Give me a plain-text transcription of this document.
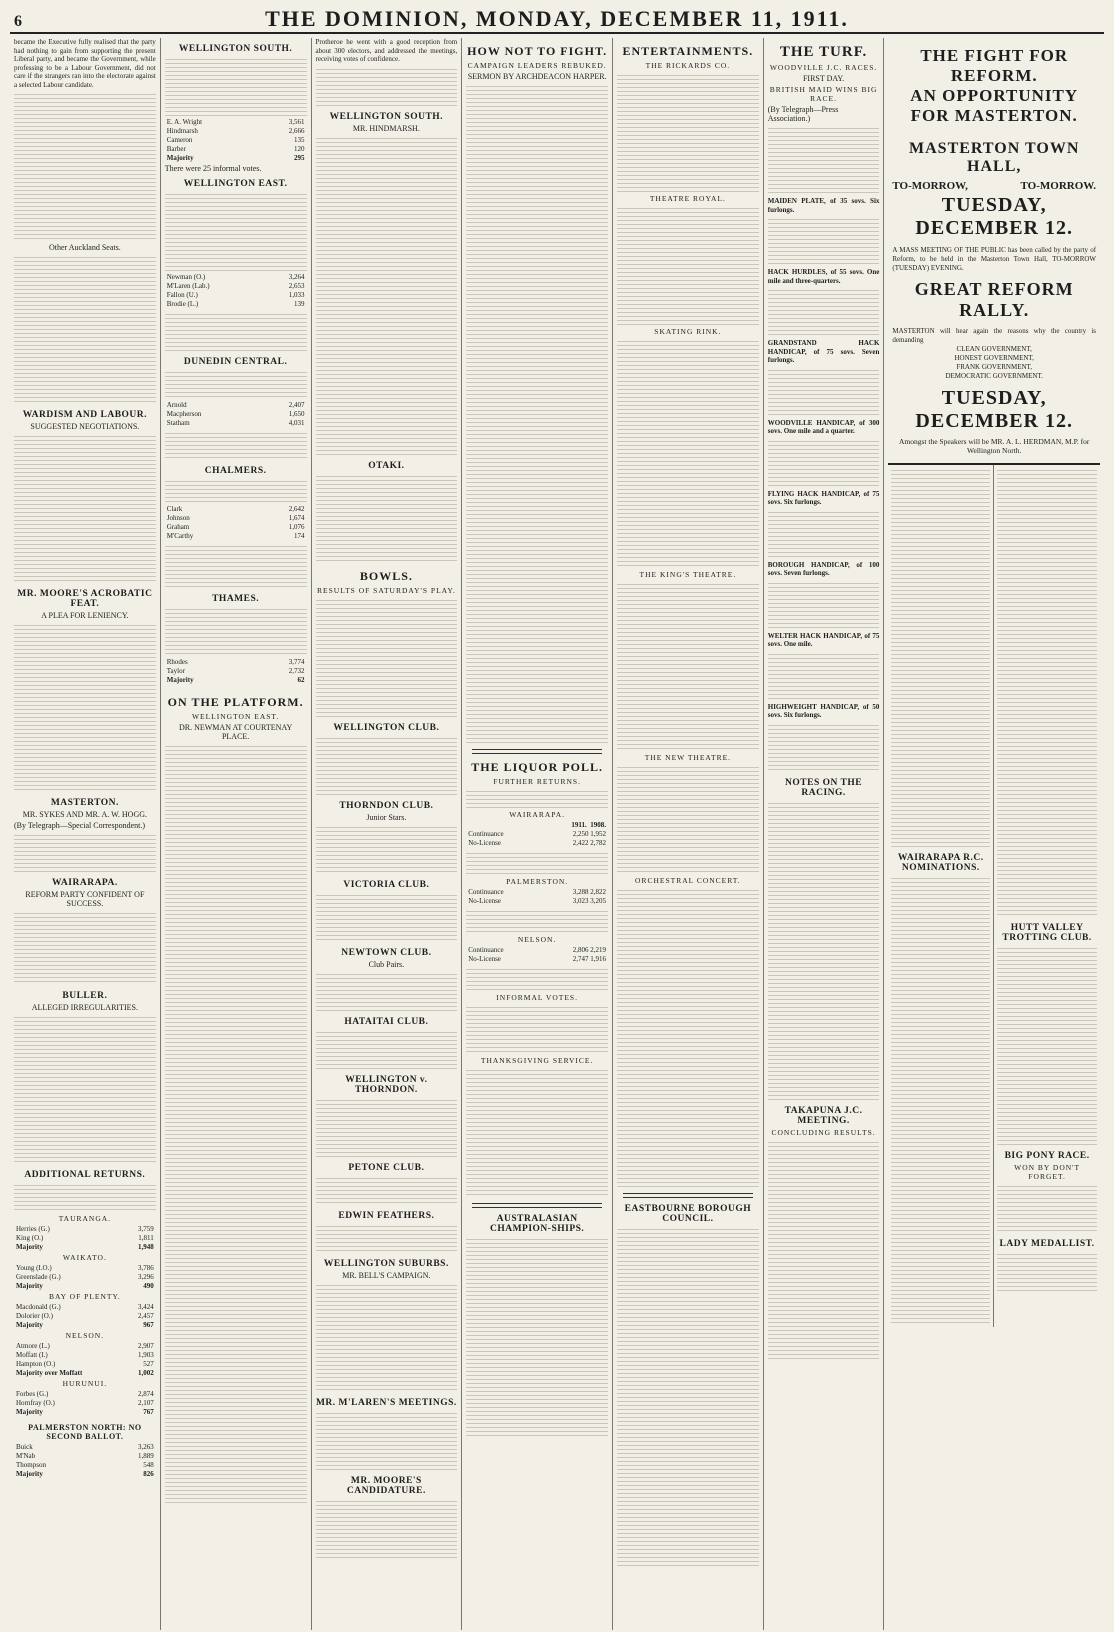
6	THE DOMINION, MONDAY, DECEMBER 11, 1911.

became the Executive fully realised that the party had nothing to gain from supporting the present Liberal party, and became the Government, while professing to be a Labour Government, did not care if the strangers ran into the electorate against a selected Labour candidate.

Other Auckland Seats.
WARDISM AND LABOUR.
SUGGESTED NEGOTIATIONS.
MR. MOORE'S ACROBATIC FEAT.
A PLEA FOR LENIENCY.
MASTERTON.
MR. SYKES AND MR. A. W. HOGG.
(By Telegraph—Special Correspondent.)
WAIRARAPA.
REFORM PARTY CONFIDENT OF SUCCESS.
BULLER.
ALLEGED IRREGULARITIES.
ADDITIONAL RETURNS.
TAURANGA.
Herries (G.)	3,759
King (O.)	1,811
Majority	1,948
WAIKATO.
Young (I.O.)	3,786
Greenslade (G.)	3,296
Majority	490
BAY OF PLENTY.
Macdonald (G.)	3,424
Dolorier (O.)	2,457
Majority	967
NELSON.
Atmore (L.)	2,907
Moffatt (I.)	1,903
Hampton (O.)	527
Majority over Moffatt	1,002
HURUNUI.
Forbes (G.)	2,874
Hornfray (O.)	2,107
Majority	767
PALMERSTON NORTH: NO SECOND BALLOT.
Buick	3,263
M'Nab	1,889
Thompson	548
Majority	826
WELLINGTON SOUTH.
E. A. Wright	3,561
Hindmarsh	2,666
Cameron	135
Barber	120
Majority	295
There were 25 informal votes.
WELLINGTON EAST.
Newman (O.)	3,264
M'Laren (Lab.)	2,653
Fallon (U.)	1,033
Brodie (L.)	139
DUNEDIN CENTRAL.
Arnold	2,407
Macpherson	1,650
Statham	4,031
CHALMERS.
Clark	2,642
Johnson	1,674
Graham	1,076
M'Carthy	174
THAMES.
Rhodes	3,774
Taylor	2,732
Majority	62
ON THE PLATFORM.
WELLINGTON EAST.
DR. NEWMAN AT COURTENAY PLACE.

Protheroe he went with a good reception from about 300 electors, and addressed the meetings, receiving votes of confidence.

WELLINGTON SOUTH.
MR. HINDMARSH.
OTAKI.
BOWLS.
RESULTS OF SATURDAY'S PLAY.
WELLINGTON CLUB.
THORNDON CLUB.
Junior Stars.
VICTORIA CLUB.
NEWTOWN CLUB.
Club Pairs.
HATAITAI CLUB.
WELLINGTON v. THORNDON.
PETONE CLUB.
EDWIN FEATHERS.
WELLINGTON SUBURBS.
MR. BELL'S CAMPAIGN.
MR. M'LAREN'S MEETINGS.
MR. MOORE'S CANDIDATURE.
HOW NOT TO FIGHT.
CAMPAIGN LEADERS REBUKED.
SERMON BY ARCHDEACON HARPER.
THE LIQUOR POLL.
FURTHER RETURNS.
WAIRARAPA.
1911. 1908.
Continuance	2,250 1,952
No-License	2,422 2,782
PALMERSTON.
Continuance	3,288 2,822
No-License	3,023 3,205
NELSON.
Continuance	2,806 2,219
No-License	2,747 1,916
INFORMAL VOTES.
THANKSGIVING SERVICE.
AUSTRALASIAN CHAMPION-SHIPS.
ENTERTAINMENTS.
THE RICKARDS CO.
THEATRE ROYAL.
SKATING RINK.
THE KING'S THEATRE.
THE NEW THEATRE.
ORCHESTRAL CONCERT.
EASTBOURNE BOROUGH COUNCIL.
THE TURF.
WOODVILLE J.C. RACES.
FIRST DAY.
BRITISH MAID WINS BIG RACE.
(By Telegraph—Press Association.)
MAIDEN PLATE, of 35 sovs. Six furlongs.
HACK HURDLES, of 55 sovs. One mile and three-quarters.
GRANDSTAND HACK HANDICAP, of 75 sovs. Seven furlongs.
WOODVILLE HANDICAP, of 300 sovs. One mile and a quarter.
FLYING HACK HANDICAP, of 75 sovs. Six furlongs.
BOROUGH HANDICAP, of 100 sovs. Seven furlongs.
WELTER HACK HANDICAP, of 75 sovs. One mile.
HIGHWEIGHT HANDICAP, of 50 sovs. Six furlongs.
NOTES ON THE RACING.
TAKAPUNA J.C. MEETING.
CONCLUDING RESULTS.
THE FIGHT FOR REFORM.
AN OPPORTUNITY FOR MASTERTON.
MASTERTON TOWN HALL,
TO-MORROW,	TO-MORROW.
TUESDAY, DECEMBER 12.
A MASS MEETING OF THE PUBLIC has been called by the party of Reform, to be held in the Masterton Town Hall, TO-MORROW (TUESDAY) EVENING.
GREAT REFORM RALLY.
MASTERTON will hear again the reasons why the country is demanding
CLEAN GOVERNMENT,
HONEST GOVERNMENT,
FRANK GOVERNMENT,
DEMOCRATIC GOVERNMENT.
TUESDAY, DECEMBER 12.
Amongst the Speakers will be MR. A. L. HERDMAN, M.P. for Wellington North.
WAIRARAPA R.C. NOMINATIONS.
HUTT VALLEY TROTTING CLUB.
BIG PONY RACE.
WON BY DON'T FORGET.
LADY MEDALLIST.
